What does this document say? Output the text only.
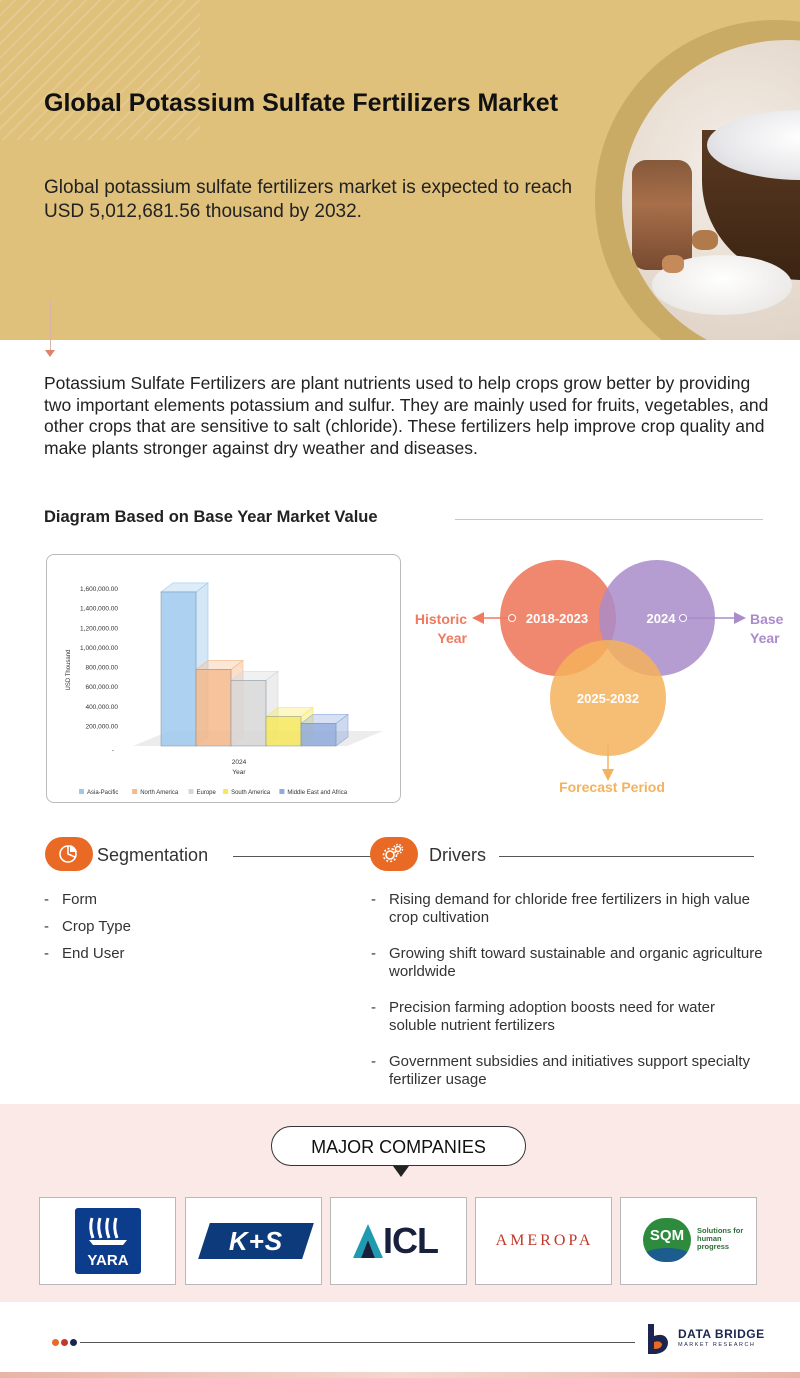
Global Potassium Sulfate Fertilizers Market

Global potassium sulfate fertilizers market is expected to reach USD 5,012,681.56 thousand by 2032.

Potassium Sulfate Fertilizers are plant nutrients used to help crops grow better by providing two important elements potassium and sulfur. They are mainly used for fruits, vegetables, and other crops that are sensitive to salt (chloride). These fertilizers help improve crop quality and make plants stronger against dry weather and diseases.

Diagram Based on Base Year Market Value
200,000.00
400,000.00
600,000.00
800,000.00
1,000,000.00
1,200,000.00
1,400,000.00
1,600,000.00
-
USD Thousand
2024
Year
Asia-Pacific	North America	Europe	South America	Middle East and Africa
2018-2023	2024
2025-2032
Historic
Year
Base
Year
Forecast Period
Segmentation
- Form
- Crop Type
- End User
Drivers
- Rising demand for chloride free fertilizers in high value crop cultivation
- Growing shift toward sustainable and organic agriculture worldwide
- Precision farming adoption boosts need for water soluble nutrient fertilizers
- Government subsidies and initiatives support specialty fertilizer usage
MAJOR COMPANIES
YARA
K+S	ICL	AMEROPA	SQM	Solutions for human progress
DATA BRIDGE
MARKET RESEARCH
